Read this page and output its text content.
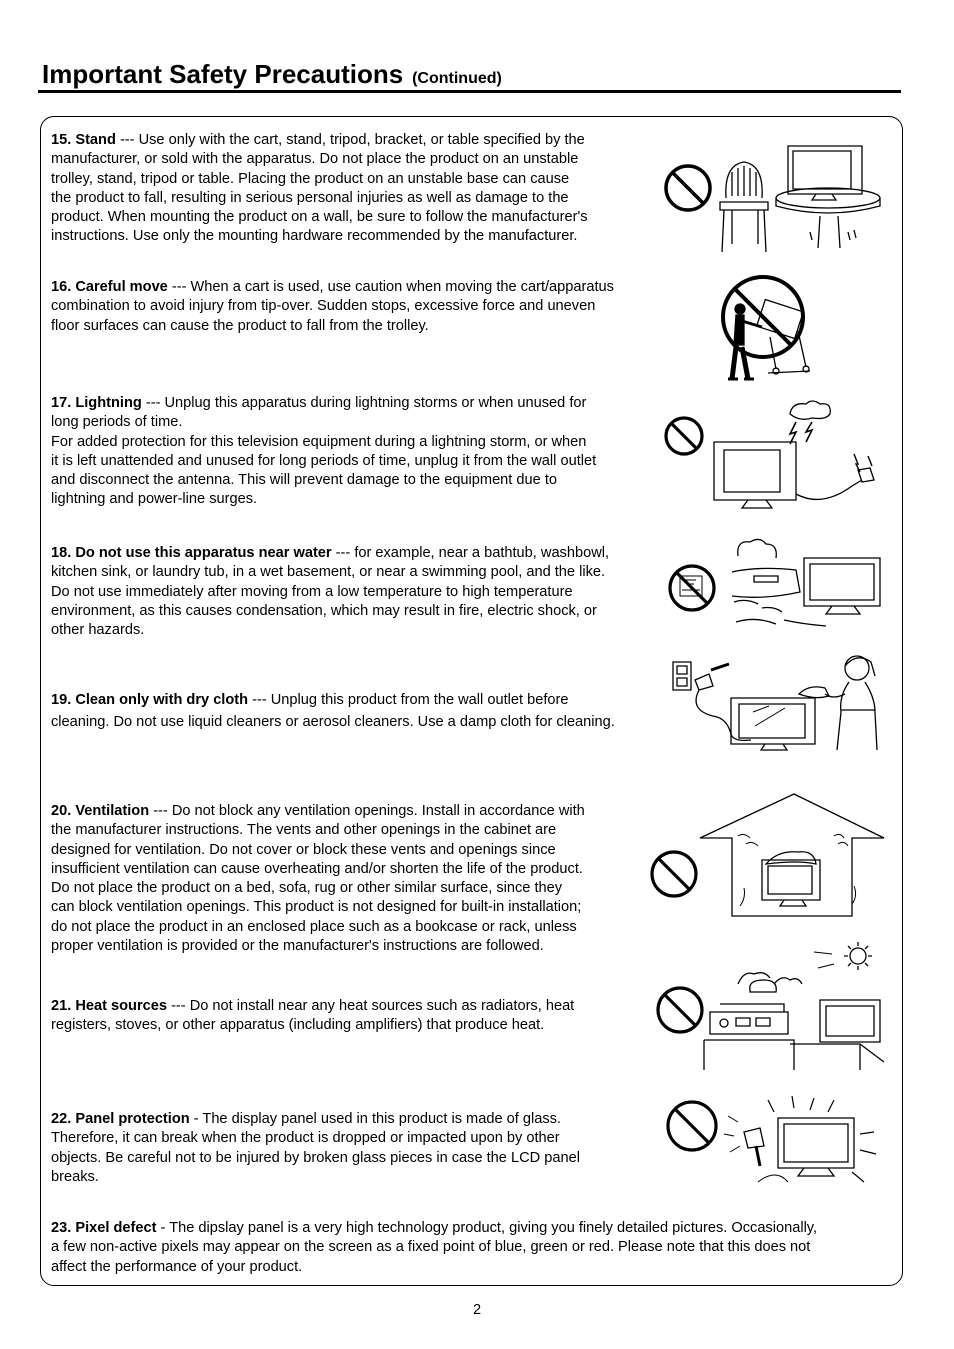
Important Safety Precautions (Continued)

15. Stand --- Use only with the cart, stand, tripod, bracket, or table specified by the
manufacturer, or sold with the apparatus. Do not place the product on an unstable
trolley, stand, tripod or table. Placing the product on an unstable base can cause
the product to fall, resulting in serious personal injuries as well as damage to the
product. When mounting the product on a wall, be sure to follow the manufacturer's
instructions. Use only the mounting hardware recommended by the manufacturer.

16. Careful move --- When a cart is used, use caution when moving the cart/apparatus
combination to avoid injury from tip-over. Sudden stops, excessive force and uneven
floor surfaces can cause the product to fall from the trolley.

17. Lightning --- Unplug this apparatus during lightning storms or when unused for
long periods of time.
For added protection for this television equipment during a lightning storm, or when
it is left unattended and unused for long periods of time, unplug it from the wall outlet
and disconnect the antenna. This will prevent damage to the equipment due to
lightning and power-line surges.

18. Do not use this apparatus near water --- for example, near a bathtub, washbowl,
kitchen sink, or laundry tub, in a wet basement, or near a swimming pool, and the like.
Do not use immediately after moving from a low temperature to high temperature
environment, as this causes condensation, which may result in fire, electric shock, or
other hazards.

19. Clean only with dry cloth --- Unplug this product from the wall outlet before
cleaning. Do not use liquid cleaners or aerosol cleaners. Use a damp cloth for cleaning.

20. Ventilation --- Do not block any ventilation openings. Install in accordance with
the manufacturer instructions. The vents and other openings in the cabinet are
designed for ventilation. Do not cover or block these vents and openings since
insufficient ventilation can cause overheating and/or shorten the life of the product.
Do not place the product on a bed, sofa, rug or other similar surface, since they
can block ventilation openings. This product is not designed for built-in installation;
do not place the product in an enclosed place such as a bookcase or rack, unless
proper ventilation is provided or the manufacturer's instructions are followed.

21. Heat sources --- Do not install near any heat sources such as radiators, heat
registers, stoves, or other apparatus (including amplifiers) that produce heat.

22. Panel protection - The display panel used in this product is made of glass.
Therefore, it can break when the product is dropped or impacted upon by other
objects. Be careful not to be injured by broken glass pieces in case the LCD panel
breaks.

23. Pixel defect - The dipslay panel is a very high technology product, giving you finely detailed pictures. Occasionally,
a few non-active pixels may appear on the screen as a fixed point of blue, green or red. Please note that this does not
affect the performance of your product.

2
